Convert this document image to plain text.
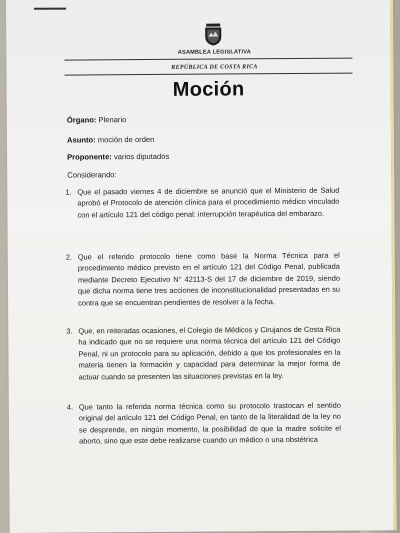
ASAMBLEA LEGISLATIVA
REPÚBLICA DE COSTA RICA
Moción
Órgano: Plenario
Asunto: moción de orden
Proponente: varios diputados
Considerando:
1. Que el pasado viernes 4 de diciembre se anunció que el Ministerio de Salud aprobó el Protocolo de atención clínica para el procedimiento médico vinculado con el artículo 121 del código penal: interrupción terapéutica del embarazo.

2. Que el referido protocolo tiene como base la Norma Técnica para el procedimiento médico previsto en el artículo 121 del Código Penal, publicada mediante Decreto Ejecutivo N° 42113-S del 17 de diciembre de 2019, siendo que dicha norma tiene tres acciones de inconstitucionalidad presentadas en su contra que se encuentran pendientes de resolver a la fecha.

3. Que, en reiteradas ocasiones, el Colegio de Médicos y Cirujanos de Costa Rica ha indicado que no se requiere una norma técnica del artículo 121 del Código Penal, ni un protocolo para su aplicación, debido a que los profesionales en la materia tienen la formación y capacidad para determinar la mejor forma de actuar cuando se presenten las situaciones previstas en la ley.

4. Que tanto la referida norma técnica como su protocolo trastocan el sentido original del artículo 121 del Código Penal, en tanto de la literalidad de la ley no se desprende, en ningún momento, la posibilidad de que la madre solicite el aborto, sino que este debe realizarse cuando un médico o una obstétrica
